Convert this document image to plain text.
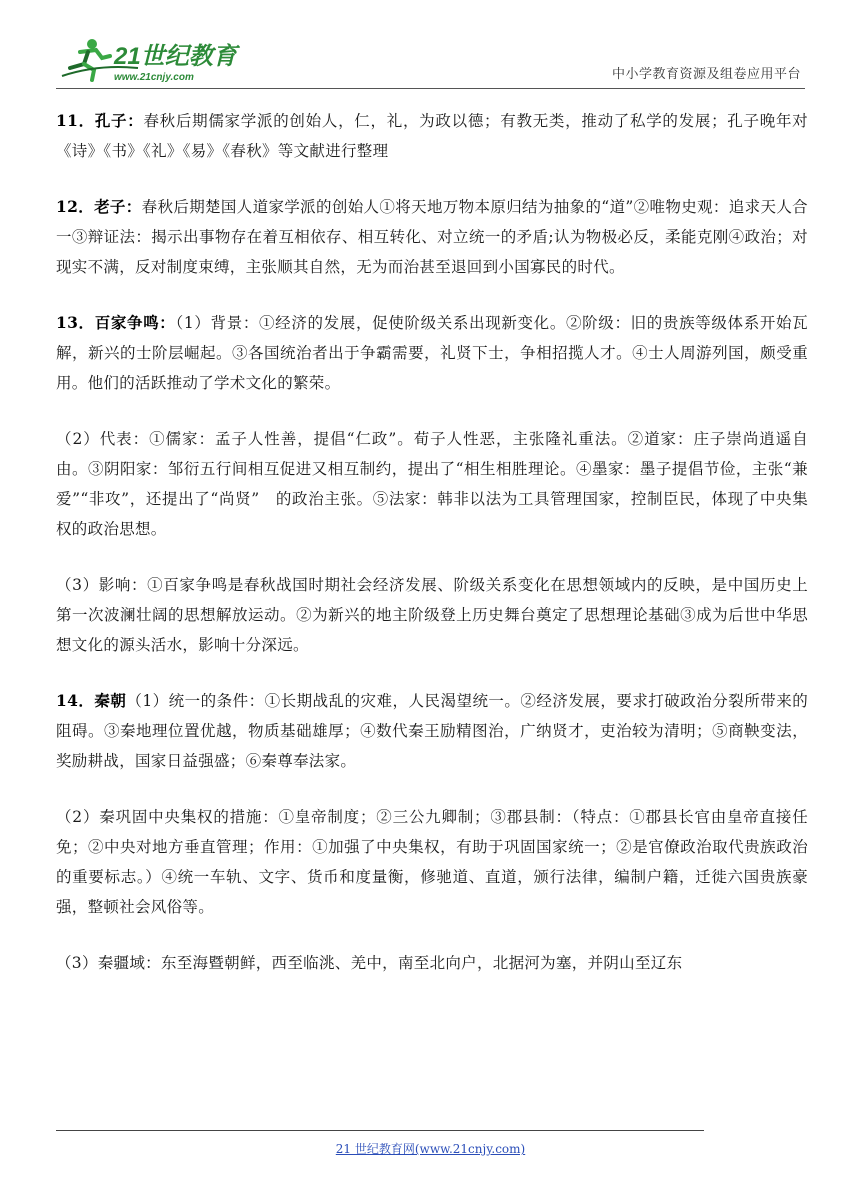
21世纪教育
www.21cnjy.com	中小学教育资源及组卷应用平台

11．孔子：春秋后期儒家学派的创始人，仁，礼，为政以德；有教无类，推动了私学的发展；孔子晚年对《诗》《书》《礼》《易》《春秋》等文献进行整理

12．老子：春秋后期楚国人道家学派的创始人①将天地万物本原归结为抽象的“道”②唯物史观：追求天人合一③辩证法：揭示出事物存在着互相依存、相互转化、对立统一的矛盾;认为物极必反，柔能克刚④政治；对现实不满，反对制度束缚，主张顺其自然，无为而治甚至退回到小国寡民的时代。

13．百家争鸣：（1）背景：①经济的发展，促使阶级关系出现新变化。②阶级：旧的贵族等级体系开始瓦解，新兴的士阶层崛起。③各国统治者出于争霸需要，礼贤下士，争相招揽人才。④士人周游列国，颇受重用。他们的活跃推动了学术文化的繁荣。

（2）代表：①儒家：孟子人性善，提倡“仁政”。荀子人性恶，主张隆礼重法。②道家：庄子崇尚逍遥自由。③阴阳家：邹衍五行间相互促进又相互制约，提出了“相生相胜理论。④墨家：墨子提倡节俭，主张“兼爱”“非攻”，还提出了“尚贤”　的政治主张。⑤法家：韩非以法为工具管理国家，控制臣民，体现了中央集权的政治思想。

（3）影响：①百家争鸣是春秋战国时期社会经济发展、阶级关系变化在思想领域内的反映，是中国历史上第一次波澜壮阔的思想解放运动。②为新兴的地主阶级登上历史舞台奠定了思想理论基础③成为后世中华思想文化的源头活水，影响十分深远。

14．秦朝（1）统一的条件：①长期战乱的灾难，人民渴望统一。②经济发展，要求打破政治分裂所带来的阻碍。③秦地理位置优越，物质基础雄厚；④数代秦王励精图治，广纳贤才，吏治较为清明；⑤商鞅变法，奖励耕战，国家日益强盛；⑥秦尊奉法家。

（2）秦巩固中央集权的措施：①皇帝制度；②三公九卿制；③郡县制：（特点：①郡县长官由皇帝直接任免；②中央对地方垂直管理；作用：①加强了中央集权，有助于巩固国家统一；②是官僚政治取代贵族政治的重要标志。）④统一车轨、文字、货币和度量衡，修驰道、直道，颁行法律，编制户籍，迁徙六国贵族豪强，整顿社会风俗等。

（3）秦疆域：东至海暨朝鲜，西至临洮、羌中，南至北向户，北据河为塞，并阴山至辽东

21 世纪教育网(www.21cnjy.com)
